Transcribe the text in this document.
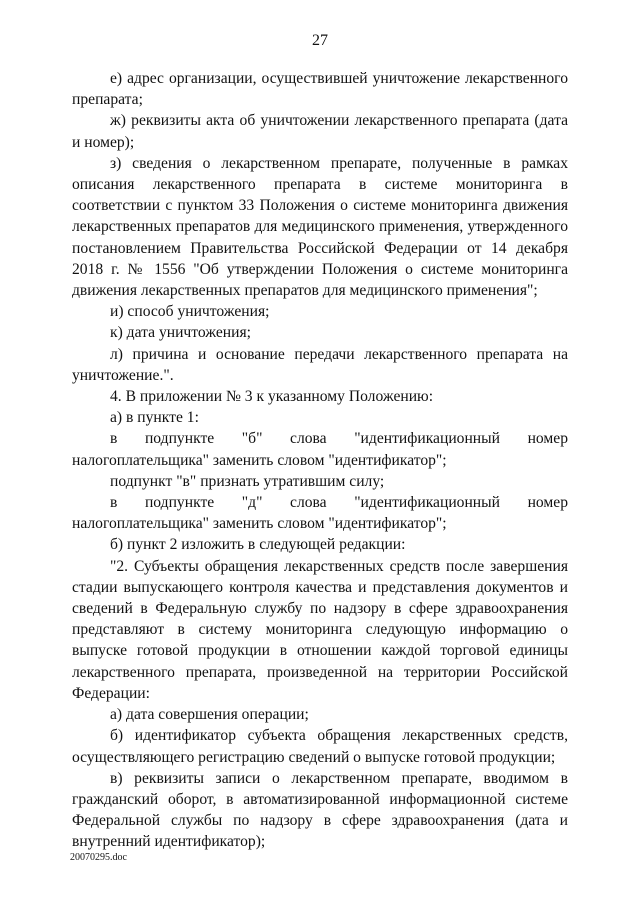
27

е) адрес организации, осуществившей уничтожение лекарственного препарата;

ж) реквизиты акта об уничтожении лекарственного препарата (дата и номер);

з) сведения о лекарственном препарате, полученные в рамках описания лекарственного препарата в системе мониторинга в соответствии с пунктом 33 Положения о системе мониторинга движения лекарственных препаратов для медицинского применения, утвержденного постановлением Правительства Российской Федерации от 14 декабря 2018 г. № 1556 "Об утверждении Положения о системе мониторинга движения лекарственных препаратов для медицинского применения";

и) способ уничтожения;

к) дата уничтожения;

л) причина и основание передачи лекарственного препарата на уничтожение.".

4. В приложении № 3 к указанному Положению:

а) в пункте 1:

в подпункте "б" слова "идентификационный номер налогоплательщика" заменить словом "идентификатор";

подпункт "в" признать утратившим силу;

в подпункте "д" слова "идентификационный номер налогоплательщика" заменить словом "идентификатор";

б) пункт 2 изложить в следующей редакции:

"2. Субъекты обращения лекарственных средств после завершения стадии выпускающего контроля качества и представления документов и сведений в Федеральную службу по надзору в сфере здравоохранения представляют в систему мониторинга следующую информацию о выпуске готовой продукции в отношении каждой торговой единицы лекарственного препарата, произведенной на территории Российской Федерации:

а) дата совершения операции;

б) идентификатор субъекта обращения лекарственных средств, осуществляющего регистрацию сведений о выпуске готовой продукции;

в) реквизиты записи о лекарственном препарате, вводимом в гражданский оборот, в автоматизированной информационной системе Федеральной службы по надзору в сфере здравоохранения (дата и внутренний идентификатор);

20070295.doc
